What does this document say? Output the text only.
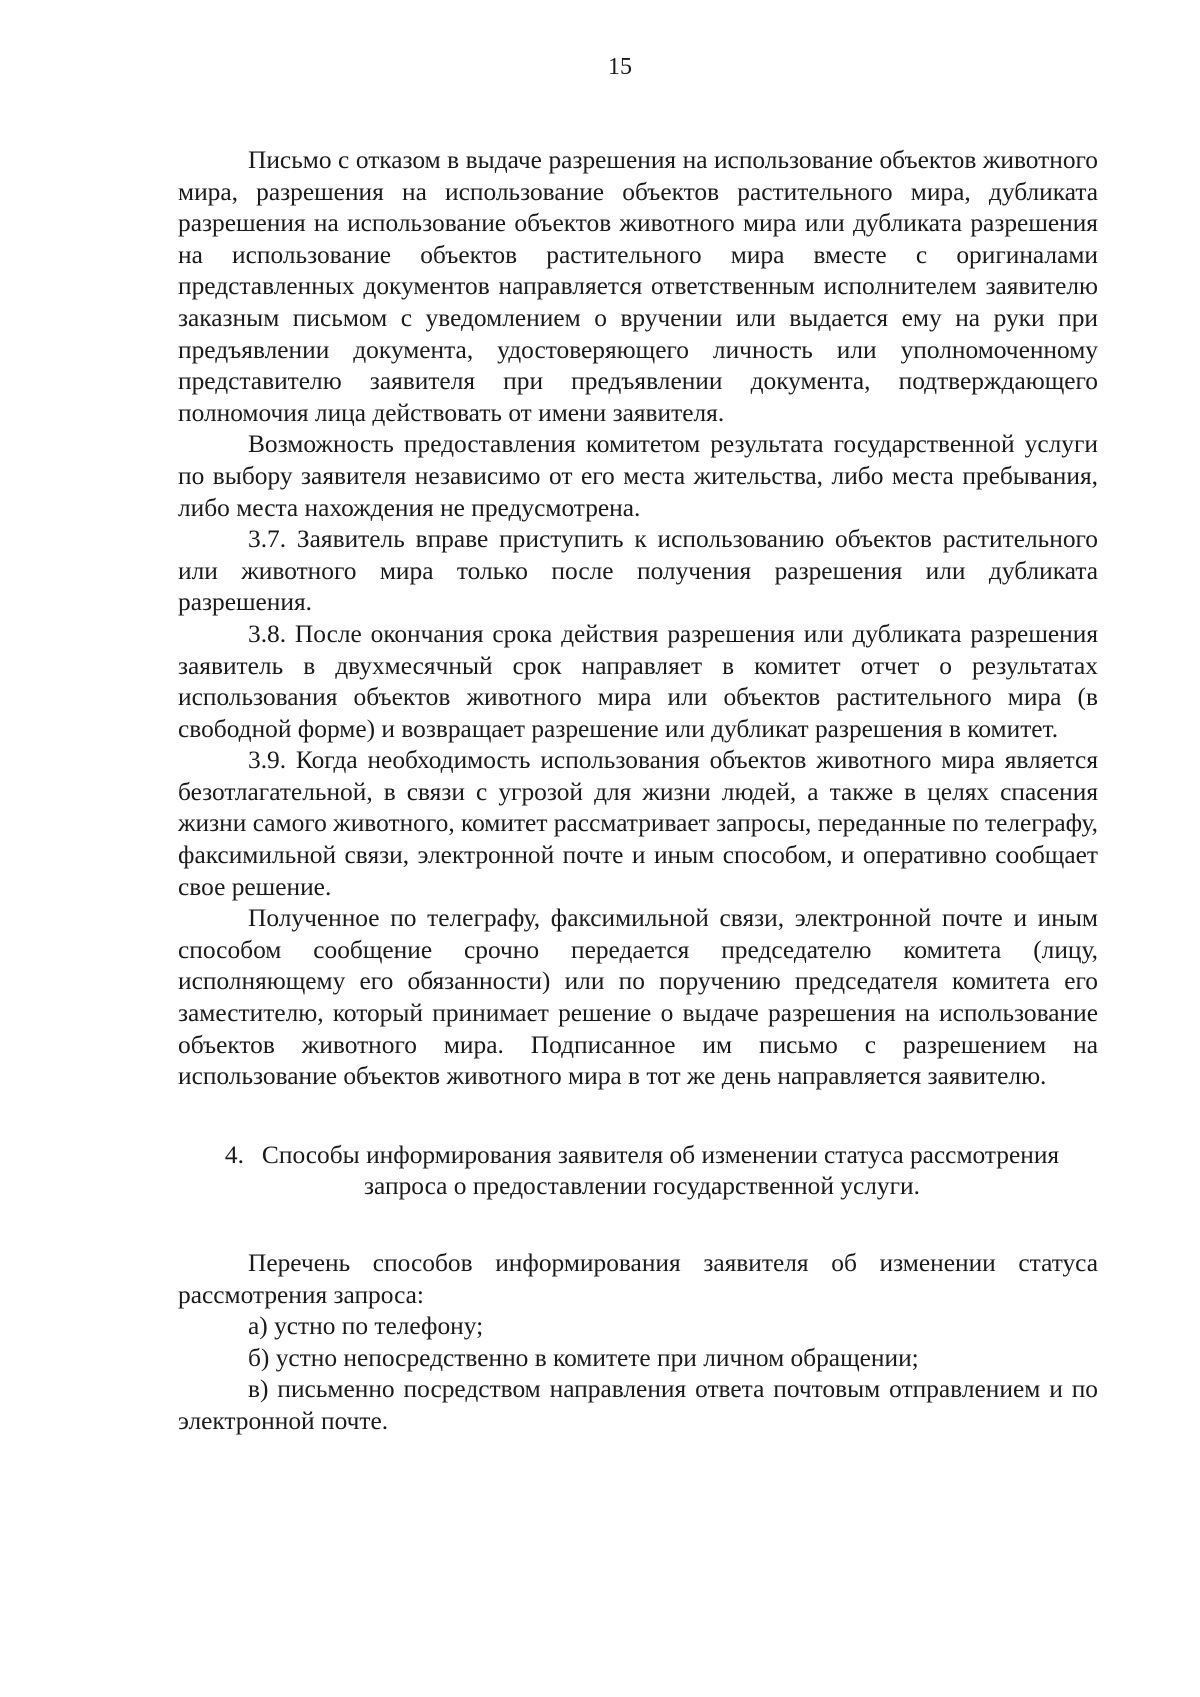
15

Письмо с отказом в выдаче разрешения на использование объектов животного мира, разрешения на использование объектов растительного мира, дубликата разрешения на использование объектов животного мира или дубликата разрешения на использование объектов растительного мира вместе с оригиналами представленных документов направляется ответственным исполнителем заявителю заказным письмом с уведомлением о вручении или выдается ему на руки при предъявлении документа, удостоверяющего личность или уполномоченному представителю заявителя при предъявлении документа, подтверждающего полномочия лица действовать от имени заявителя.

Возможность предоставления комитетом результата государственной услуги по выбору заявителя независимо от его места жительства, либо места пребывания, либо места нахождения не предусмотрена.

3.7. Заявитель вправе приступить к использованию объектов растительного или животного мира только после получения разрешения или дубликата разрешения.

3.8. После окончания срока действия разрешения или дубликата разрешения заявитель в двухмесячный срок направляет в комитет отчет о результатах использования объектов животного мира или объектов растительного мира (в свободной форме) и возвращает разрешение или дубликат разрешения в комитет.

3.9. Когда необходимость использования объектов животного мира является безотлагательной, в связи с угрозой для жизни людей, а также в целях спасения жизни самого животного, комитет рассматривает запросы, переданные по телеграфу, факсимильной связи, электронной почте и иным способом, и оперативно сообщает свое решение.

Полученное по телеграфу, факсимильной связи, электронной почте и иным способом сообщение срочно передается председателю комитета (лицу, исполняющему его обязанности) или по поручению председателя комитета его заместителю, который принимает решение о выдаче разрешения на использование объектов животного мира. Подписанное им письмо с разрешением на использование объектов животного мира в тот же день направляется заявителю.

4. Способы информирования заявителя об изменении статуса рассмотрения
запроса о предоставлении государственной услуги.

Перечень способов информирования заявителя об изменении статуса рассмотрения запроса:

а) устно по телефону;

б) устно непосредственно в комитете при личном обращении;

в) письменно посредством направления ответа почтовым отправлением и по электронной почте.
